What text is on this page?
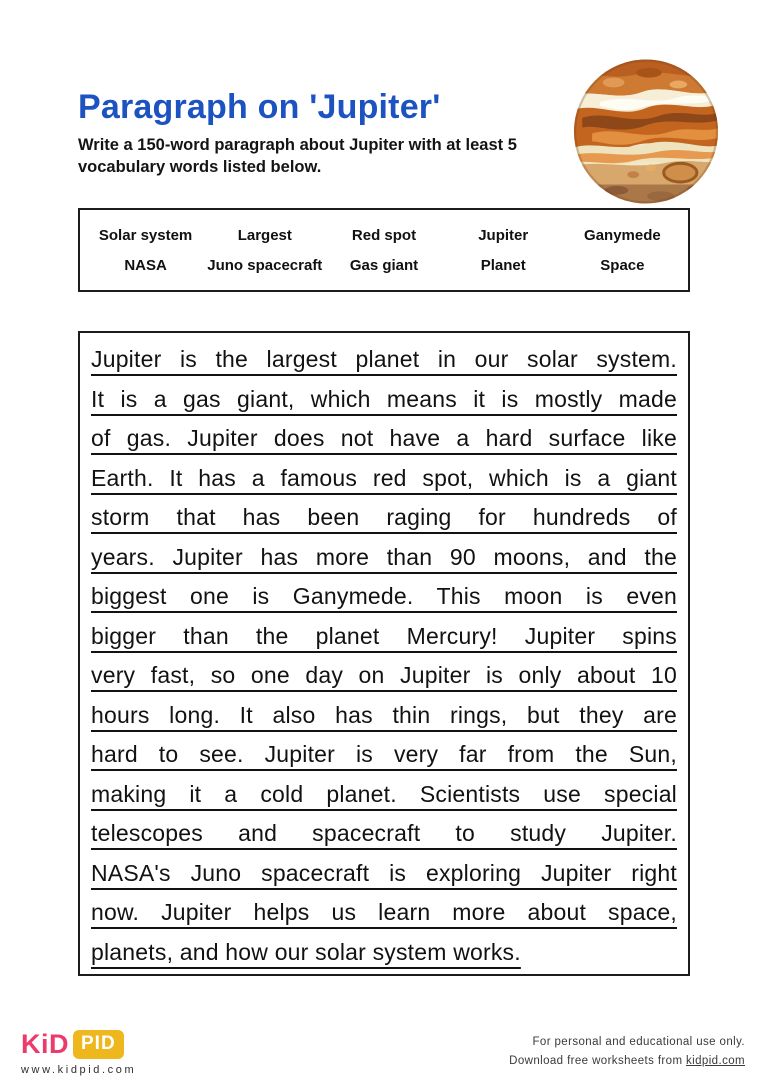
Paragraph on 'Jupiter'

Write a 150-word paragraph about Jupiter with at least 5 vocabulary words listed below.

Solar system	Largest	Red spot	Jupiter	Ganymede
NASA	Juno spacecraft	Gas giant	Planet	Space
Jupiter is the largest planet in our solar system.
It is a gas giant, which means it is mostly made
of gas. Jupiter does not have a hard surface like
Earth. It has a famous red spot, which is a giant
storm that has been raging for hundreds of
years. Jupiter has more than 90 moons, and the
biggest one is Ganymede. This moon is even
bigger than the planet Mercury! Jupiter spins
very fast, so one day on Jupiter is only about 10
hours long. It also has thin rings, but they are
hard to see. Jupiter is very far from the Sun,
making it a cold planet. Scientists use special
telescopes and spacecraft to study Jupiter.
NASA's Juno spacecraft is exploring Jupiter right
now. Jupiter helps us learn more about space,
planets, and how our solar system works.
KiD PID
www.kidpid.com
For personal and educational use only.
Download free worksheets from kidpid.com
